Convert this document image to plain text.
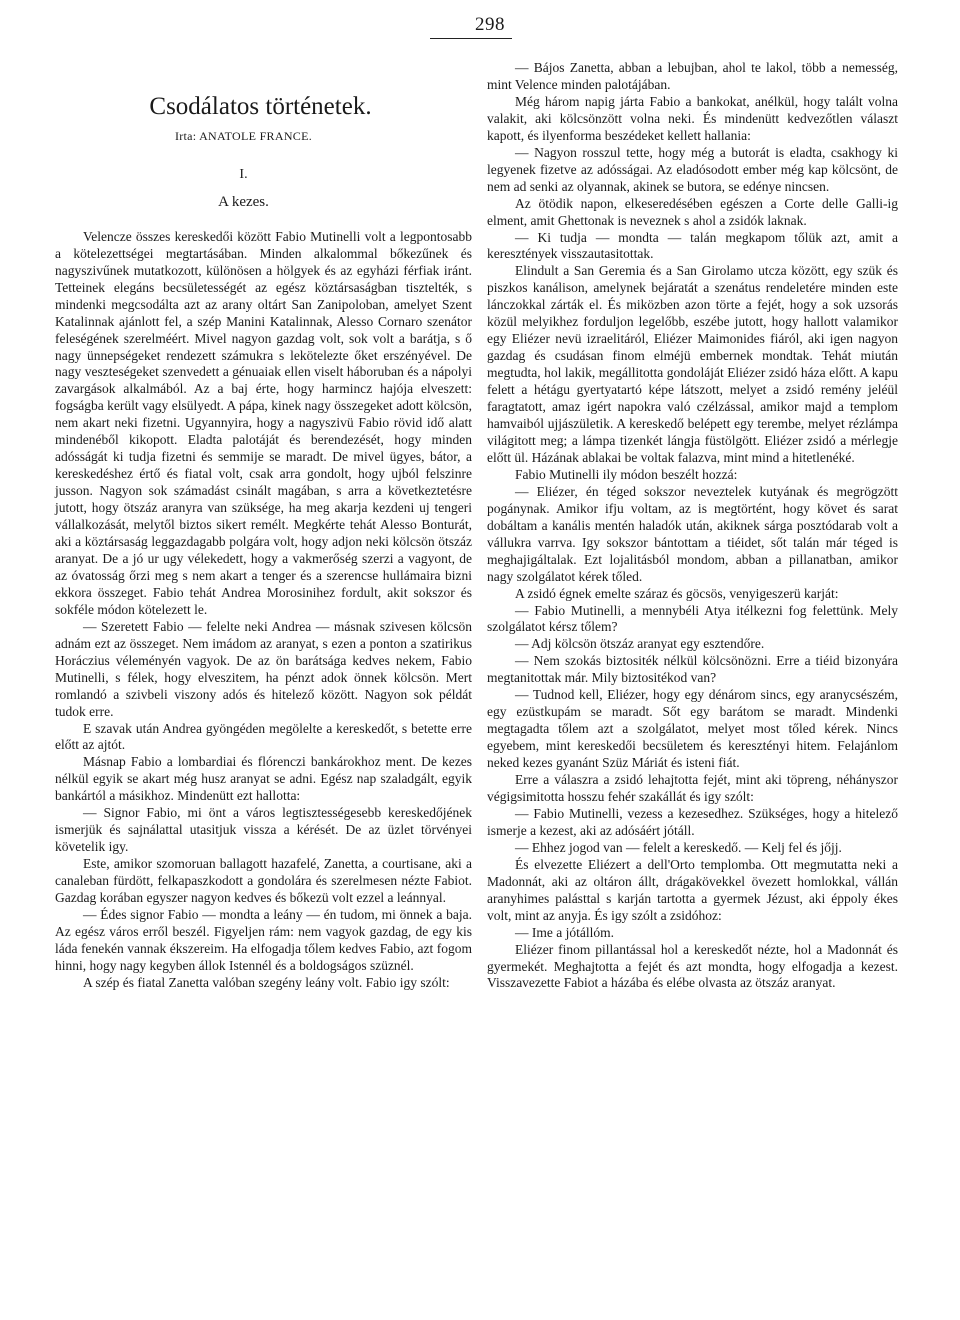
298
Csodálatos történetek.
Irta: ANATOLE FRANCE.
I.
A kezes.

Velencze összes kereskedői között Fabio Mutinelli volt a legpontosabb a kötelezettségei megtartásában. Minden alkalommal bőkezűnek és nagyszivűnek mutatkozott, különösen a hölgyek és az egyházi férfiak iránt. Tetteinek elegáns becsületességét az egész köztársaságban tisztelték, s mindenki megcsodálta azt az arany oltárt San Zanipoloban, amelyet Szent Katalinnak ajánlott fel, a szép Manini Katalinnak, Alesso Cornaro szenátor feleségének szerelméért. Mivel nagyon gazdag volt, sok volt a barátja, s ő nagy ünnepségeket rendezett számukra s lekötelezte őket erszényével. De nagy veszteségeket szenvedett a génuaiak ellen viselt háboruban és a nápolyi zavargások alkalmából. Az a baj érte, hogy harmincz hajója elveszett: fogságba került vagy elsülyedt. A pápa, kinek nagy összegeket adott kölcsön, nem akart neki fizetni. Ugyannyira, hogy a nagyszivü Fabio rövid idő alatt mindenéből kikopott. Eladta palotáját és berendezését, hogy minden adósságát ki tudja fizetni és semmije se maradt. De mivel ügyes, bátor, a kereskedéshez értő és fiatal volt, csak arra gondolt, hogy ujból felszinre jusson. Nagyon sok számadást csinált magában, s arra a következtetésre jutott, hogy ötszáz aranyra van szüksége, ha meg akarja kezdeni uj tengeri vállalkozását, melytől biztos sikert remélt. Megkérte tehát Alesso Bonturát, aki a köztársaság leggazdagabb polgára volt, hogy adjon neki kölcsön ötszáz aranyat. De a jó ur ugy vélekedett, hogy a vakmerőség szerzi a vagyont, de az óvatosság őrzi meg s nem akart a tenger és a szerencse hullámaira bizni ekkora összeget. Fabio tehát Andrea Morosinihez fordult, akit sokszor és sokféle módon kötelezett le.

— Szeretett Fabio — felelte neki Andrea — másnak szivesen kölcsön adnám ezt az összeget. Nem imádom az aranyat, s ezen a ponton a szatirikus Horáczius véleményén vagyok. De az ön barátsága kedves nekem, Fabio Mutinelli, s félek, hogy elveszitem, ha pénzt adok önnek kölcsön. Mert romlandó a szivbeli viszony adós és hitelező között. Nagyon sok példát tudok erre.

E szavak után Andrea gyöngéden megölelte a kereskedőt, s betette erre előtt az ajtót.

Másnap Fabio a lombardiai és flórenczi bankárokhoz ment. De kezes nélkül egyik se akart még husz aranyat se adni. Egész nap szaladgált, egyik bankártól a másikhoz. Mindenütt ezt hallotta:

— Signor Fabio, mi önt a város legtisztességesebb kereskedőjének ismerjük és sajnálattal utasitjuk vissza a kérését. De az üzlet törvényei követelik igy.

Este, amikor szomoruan ballagott hazafelé, Zanetta, a courtisane, aki a canaleban fürdött, felkapaszkodott a gondolára és szerelmesen nézte Fabiot. Gazdag korában egyszer nagyon kedves és bőkezü volt ezzel a leánnyal.

— Édes signor Fabio — mondta a leány — én tudom, mi önnek a baja. Az egész város erről beszél. Figyeljen rám: nem vagyok gazdag, de egy kis láda fenekén vannak ékszereim. Ha elfogadja tőlem kedves Fabio, azt fogom hinni, hogy nagy kegyben állok Istennél és a boldogságos szüznél.

A szép és fiatal Zanetta valóban szegény leány volt. Fabio igy szólt:

— Bájos Zanetta, abban a lebujban, ahol te lakol, több a nemesség, mint Velence minden palotájában.

Még három napig járta Fabio a bankokat, anélkül, hogy talált volna valakit, aki kölcsönzött volna neki. És mindenütt kedvezőtlen választ kapott, és ilyenforma beszédeket kellett hallania:

— Nagyon rosszul tette, hogy még a butorát is eladta, csakhogy ki legyenek fizetve az adósságai. Az eladósodott ember még kap kölcsönt, de nem ad senki az olyannak, akinek se butora, se edénye nincsen.

Az ötödik napon, elkeseredésében egészen a Corte delle Galli-ig elment, amit Ghettonak is neveznek s ahol a zsidók laknak.

— Ki tudja — mondta — talán megkapom tőlük azt, amit a keresztények visszautasitottak.

Elindult a San Geremia és a San Girolamo utcza között, egy szük és piszkos kanálison, amelynek bejáratát a szenátus rendeletére minden este lánczokkal zárták el. És miközben azon törte a fejét, hogy a sok uzsorás közül melyikhez forduljon legelőbb, eszébe jutott, hogy hallott valamikor egy Eliézer nevü izraelitáról, Eliézer Maimonides fiáról, aki igen nagyon gazdag és csudásan finom elméjü embernek mondtak. Tehát miután megtudta, hol lakik, megállitotta gondoláját Eliézer zsidó háza előtt. A kapu felett a hétágu gyertyatartó képe látszott, melyet a zsidó remény jeléül faragtatott, amaz igért napokra való czélzással, amikor majd a templom hamvaiból ujjászületik. A kereskedő belépett egy terembe, melyet rézlámpa világitott meg; a lámpa tizenkét lángja füstölgött. Eliézer zsidó a mérlegje előtt ül. Házának ablakai be voltak falazva, mint mind a hitetlenéké.

Fabio Mutinelli ily módon beszélt hozzá:

— Eliézer, én téged sokszor neveztelek kutyának és megrögzött pogánynak. Amikor ifju voltam, az is megtörtént, hogy követ és sarat dobáltam a kanális mentén haladók után, akiknek sárga posztódarab volt a vállukra varrva. Igy sokszor bántottam a tiéidet, sőt talán már téged is meghajigáltalak. Ezt lojalitásból mondom, abban a pillanatban, amikor nagy szolgálatot kérek tőled.

A zsidó égnek emelte száraz és göcsös, venyigeszerü karját:

— Fabio Mutinelli, a mennybéli Atya itélkezni fog felettünk. Mely szolgálatot kérsz tőlem?

— Adj kölcsön ötszáz aranyat egy esztendőre.

— Nem szokás biztositék nélkül kölcsönözni. Erre a tiéid bizonyára megtanitottak már. Mily biztositékod van?

— Tudnod kell, Eliézer, hogy egy dénárom sincs, egy aranycsészém, egy ezüstkupám se maradt. Sőt egy barátom se maradt. Mindenki megtagadta tőlem azt a szolgálatot, melyet most tőled kérek. Nincs egyebem, mint kereskedői becsületem és keresztényi hitem. Felajánlom neked kezes gyanánt Szüz Máriát és isteni fiát.

Erre a válaszra a zsidó lehajtotta fejét, mint aki töpreng, néhányszor végigsimitotta hosszu fehér szakállát és igy szólt:

— Fabio Mutinelli, vezess a kezesedhez. Szükséges, hogy a hitelező ismerje a kezest, aki az adósáért jótáll.

— Ehhez jogod van — felelt a kereskedő. — Kelj fel és jőjj.

És elvezette Eliézert a dell'Orto templomba. Ott megmutatta neki a Madonnát, aki az oltáron állt, drágakövekkel övezett homlokkal, vállán aranyhimes palásttal s karján tartotta a gyermek Jézust, aki éppoly ékes volt, mint az anyja. És igy szólt a zsidóhoz:

— Ime a jótállóm.

Eliézer finom pillantással hol a kereskedőt nézte, hol a Madonnát és gyermekét. Meghajtotta a fejét és azt mondta, hogy elfogadja a kezest. Visszavezette Fabiot a házába és elébe olvasta az ötszáz aranyat.
